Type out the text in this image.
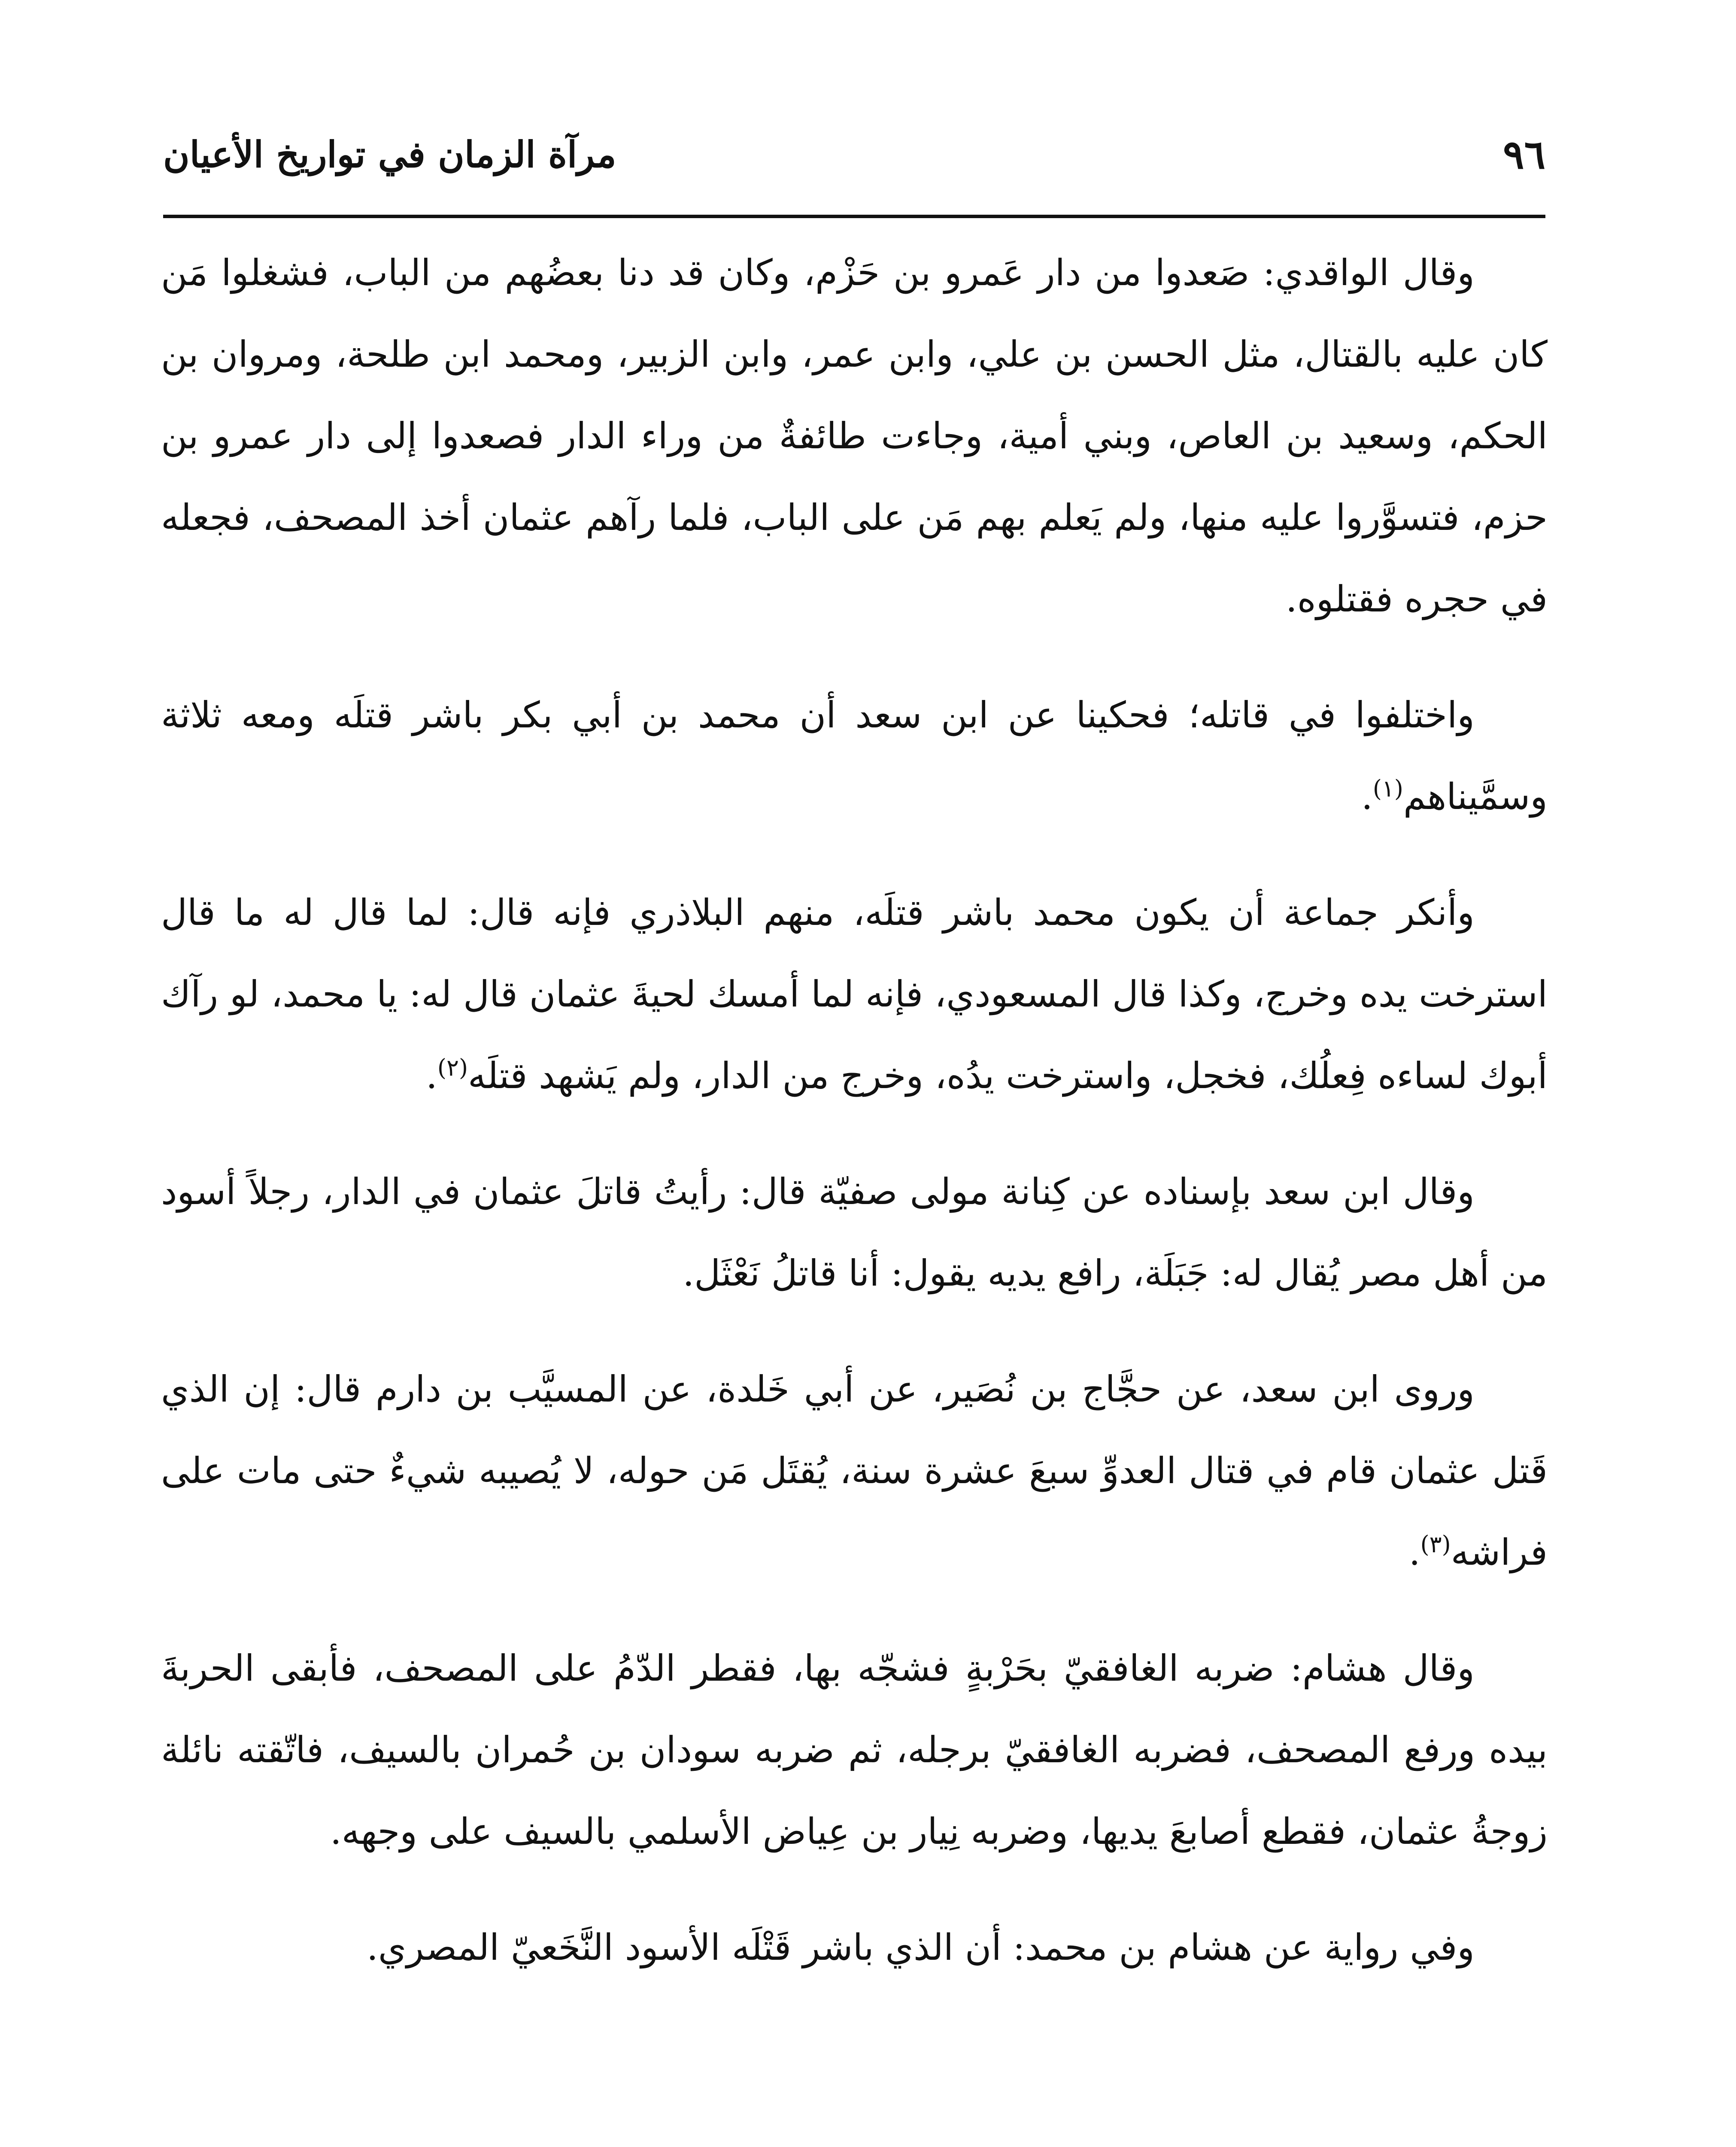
٩٦
مرآة الزمان في تواريخ الأعيان

وقال الواقدي: صَعدوا من دار عَمرو بن حَزْم، وكان قد دنا بعضُهم من الباب، فشغلوا مَن كان عليه بالقتال، مثل الحسن بن علي، وابن عمر، وابن الزبير، ومحمد ابن طلحة، ومروان بن الحكم، وسعيد بن العاص، وبني أمية، وجاءت طائفةٌ من وراء الدار فصعدوا إلى دار عمرو بن حزم، فتسوَّروا عليه منها، ولم يَعلم بهم مَن على الباب، فلما رآهم عثمان أخذ المصحف، فجعله في حجره فقتلوه.

واختلفوا في قاتله؛ فحكينا عن ابن سعد أن محمد بن أبي بكر باشر قتلَه ومعه ثلاثة وسمَّيناهم$^{(١)}$.

وأنكر جماعة أن يكون محمد باشر قتلَه، منهم البلاذري فإنه قال: لما قال له ما قال استرخت يده وخرج، وكذا قال المسعودي، فإنه لما أمسك لحيةَ عثمان قال له: يا محمد، لو رآك أبوك لساءه فِعلُك، فخجل، واسترخت يدُه، وخرج من الدار، ولم يَشهد قتلَه$^{(٢)}$.

وقال ابن سعد بإسناده عن كِنانة مولى صفيّة قال: رأيتُ قاتلَ عثمان في الدار، رجلاً أسود من أهل مصر يُقال له: جَبَلَة، رافع يديه يقول: أنا قاتلُ نَعْثَل.

وروى ابن سعد، عن حجَّاج بن نُصَير، عن أبي خَلدة، عن المسيَّب بن دارم قال: إن الذي قَتل عثمان قام في قتال العدوِّ سبعَ عشرة سنة، يُقتَل مَن حوله، لا يُصيبه شيءٌ حتى مات على فراشه$^{(٣)}$.

وقال هشام: ضربه الغافقيّ بحَرْبةٍ فشجّه بها، فقطر الدّمُ على المصحف، فأبقى الحربةَ بيده ورفع المصحف، فضربه الغافقيّ برجله، ثم ضربه سودان بن حُمران بالسيف، فاتّقته نائلة زوجةُ عثمان، فقطع أصابعَ يديها، وضربه نِيار بن عِياض الأسلمي بالسيف على وجهه.

وفي رواية عن هشام بن محمد: أن الذي باشر قَتْلَه الأسود النَّخَعيّ المصري.
